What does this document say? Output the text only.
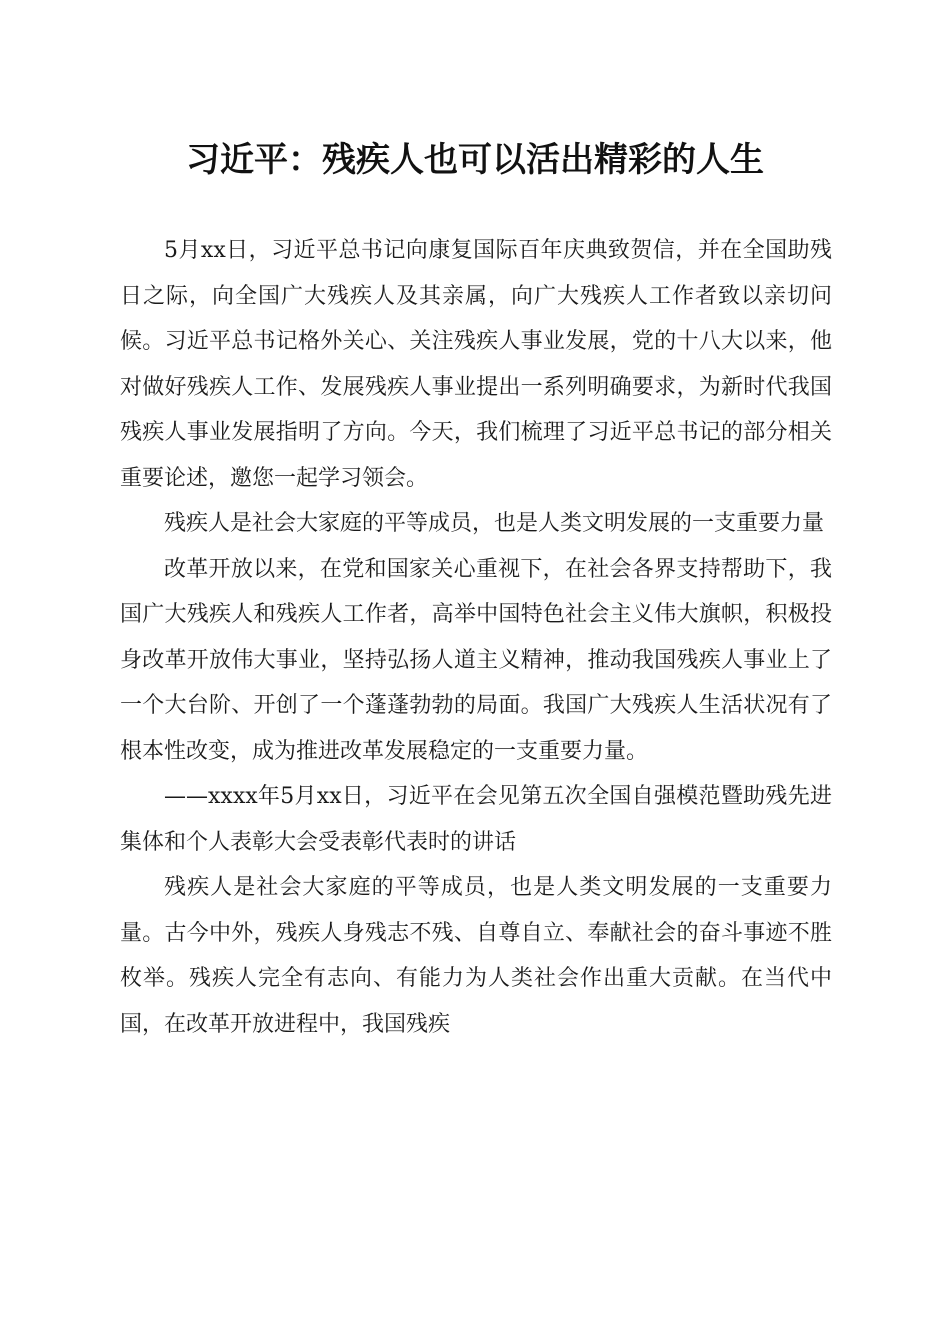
习近平：残疾人也可以活出精彩的人生

5月xx日，习近平总书记向康复国际百年庆典致贺信，并在全国助残日之际，向全国广大残疾人及其亲属，向广大残疾人工作者致以亲切问候。习近平总书记格外关心、关注残疾人事业发展，党的十八大以来，他对做好残疾人工作、发展残疾人事业提出一系列明确要求，为新时代我国残疾人事业发展指明了方向。今天，我们梳理了习近平总书记的部分相关重要论述，邀您一起学习领会。

残疾人是社会大家庭的平等成员，也是人类文明发展的一支重要力量

改革开放以来，在党和国家关心重视下，在社会各界支持帮助下，我国广大残疾人和残疾人工作者，高举中国特色社会主义伟大旗帜，积极投身改革开放伟大事业，坚持弘扬人道主义精神，推动我国残疾人事业上了一个大台阶、开创了一个蓬蓬勃勃的局面。我国广大残疾人生活状况有了根本性改变，成为推进改革发展稳定的一支重要力量。

——xxxx年5月xx日，习近平在会见第五次全国自强模范暨助残先进集体和个人表彰大会受表彰代表时的讲话

残疾人是社会大家庭的平等成员，也是人类文明发展的一支重要力量。古今中外，残疾人身残志不残、自尊自立、奉献社会的奋斗事迹不胜枚举。残疾人完全有志向、有能力为人类社会作出重大贡献。在当代中国，在改革开放进程中，我国残疾
